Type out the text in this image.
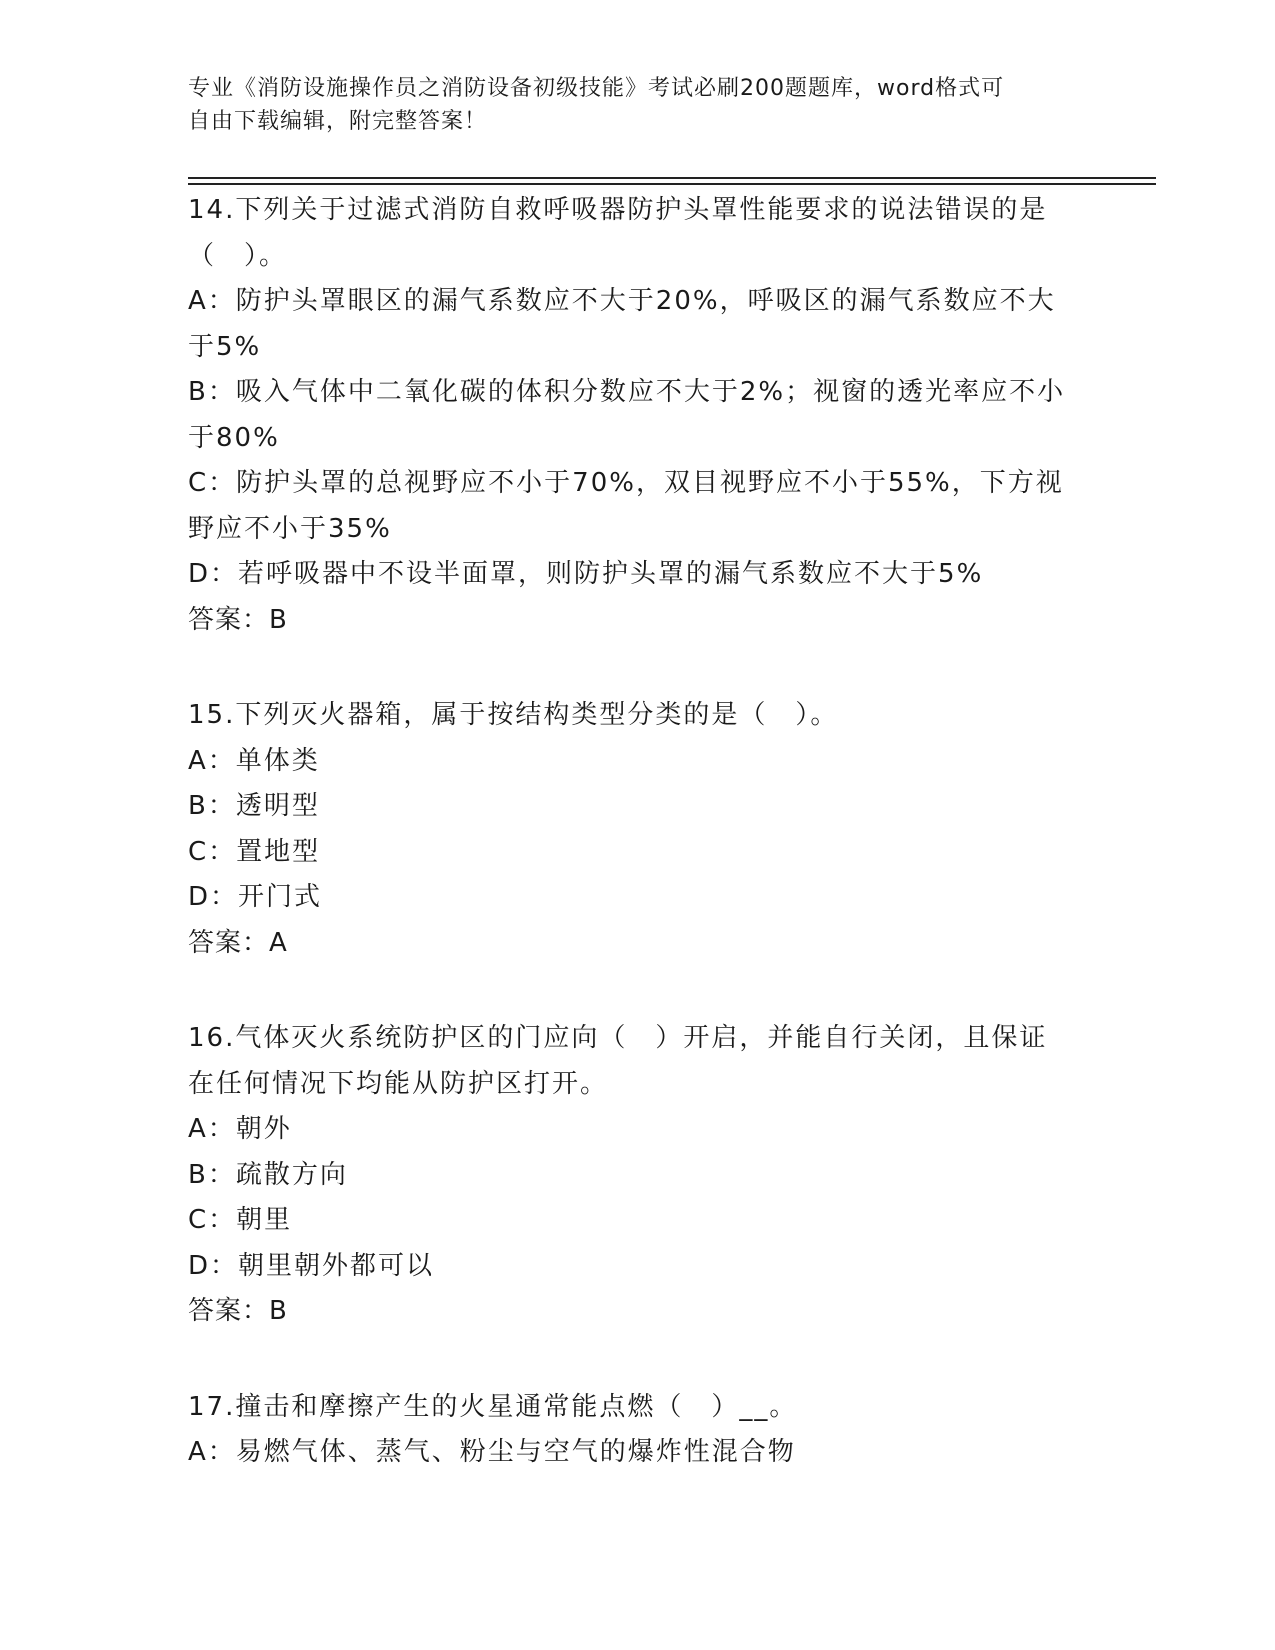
专业《消防设施操作员之消防设备初级技能》考试必刷200题题库，word格式可
自由下载编辑，附完整答案！
14.下列关于过滤式消防自救呼吸器防护头罩性能要求的说法错误的是
（　）。
A：防护头罩眼区的漏气系数应不大于20%，呼吸区的漏气系数应不大
于5%
B：吸入气体中二氧化碳的体积分数应不大于2%；视窗的透光率应不小
于80%
C：防护头罩的总视野应不小于70%，双目视野应不小于55%，下方视
野应不小于35%
D：若呼吸器中不设半面罩，则防护头罩的漏气系数应不大于5%
答案：B
15.下列灭火器箱，属于按结构类型分类的是（　）。
A：单体类
B：透明型
C：置地型
D：开门式
答案：A
16.气体灭火系统防护区的门应向（　）开启，并能自行关闭，且保证
在任何情况下均能从防护区打开。
A：朝外
B：疏散方向
C：朝里
D：朝里朝外都可以
答案：B
17.撞击和摩擦产生的火星通常能点燃（　）__。
A：易燃气体、蒸气、粉尘与空气的爆炸性混合物
